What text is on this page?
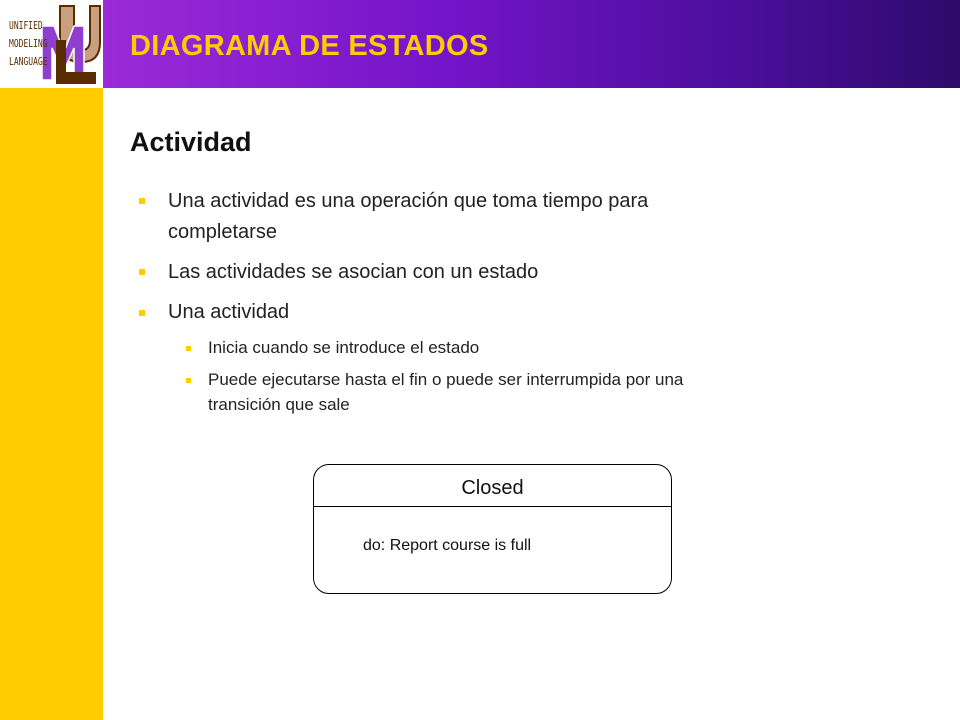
UNIFIED
MODELING
LANGUAGE	DIAGRAMA DE ESTADOS
Actividad
Una actividad es una operación que toma tiempo para
completarse
Las actividades se asocian con un estado
Una actividad
Inicia cuando se introduce el estado
Puede ejecutarse hasta el fin o puede ser interrumpida por una
transición que sale
Closed
do: Report course is full
